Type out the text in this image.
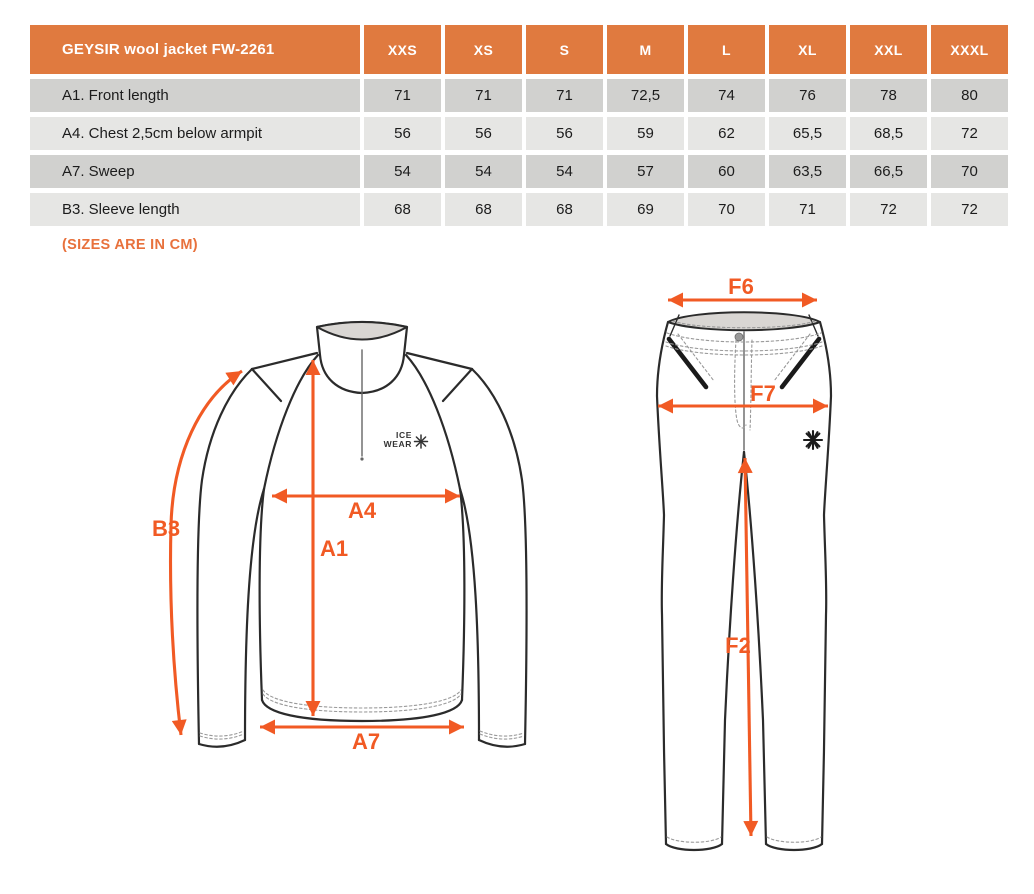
GEYSIR wool jacket FW-2261	XXS	XS	S	M	L	XL	XXL	XXXL
A1. Front length	71	71	71	72,5	74	76	78	80
A4. Chest 2,5cm below armpit	56	56	56	59	62	65,5	68,5	72
A7. Sweep	54	54	54	57	60	63,5	66,5	70
B3. Sleeve length	68	68	68	69	70	71	72	72
(SIZES ARE IN CM)
ICE
WEAR
B3
A1
A4
A7
F6
F7
F2
